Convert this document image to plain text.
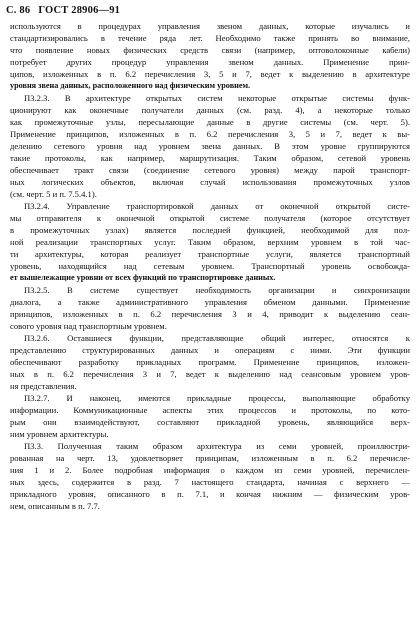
С. 86 ГОСТ 28906—91
используются в процедурах управления звеном данных, которые изучались и
стандартизировались в течение ряда лет. Необходимо также принять во внимание,
что появление новых физических средств связи (например, оптоволоконные кабели)
потребует других процедур управления звеном данных. Применение прин-
ципов, изложенных в п. 6.2 перечисления 3, 5 и 7, ведет к выделению в архитектуре
уровня звена данных, расположенного над физическим уровнем.
П3.2.3. В архитектуре открытых систем некоторые открытые системы функ-
ционируют как оконечные получатели данных (см. разд. 4), а некоторые только
как промежуточные узлы, пересылающие данные в другие системы (см. черт. 5).
Применение принципов, изложенных в п. 6.2 перечисления 3, 5 и 7, ведет к вы-
делению сетевого уровня над уровнем звена данных. В этом уровне группируются
такие протоколы, как например, маршрутизация. Таким образом, сетевой уровень
обеспечивает тракт связи (соединение сетевого уровня) между парой транспорт-
ных логических объектов, включая случай использования промежуточных узлов
(см. черт. 5 и п. 7.5.4.1).
П3.2.4. Управление транспортировкой данных от оконечной открытой систе-
мы отправителя к оконечной открытой системе получателя (которое отсутствует
в промежуточных узлах) является последней функцией, необходимой для пол-
ной реализации транспортных услуг. Таким образом, верхним уровнем в той час-
ти архитектуры, которая реализует транспортные услуги, является транспортный
уровень, находящийся над сетевым уровнем. Транспортный уровень освобожда-
ет вышележащие уровни от всех функций по транспортировке данных.
П3.2.5. В системе существует необходимость организации и синхронизации
диалога, а также административного управления обменом данными. Применение
принципов, изложенных в п. 6.2 перечисления 3 и 4, приводит к выделению сеан-
сового уровня над транспортным уровнем.
П3.2.6. Оставшиеся функции, представляющие общий интерес, относятся к
представлению структурированных данных и операциям с ними. Эти функции
обеспечивают разработку прикладных программ. Применение принципов, изложен-
ных в п. 6.2 перечисления 3 и 7, ведет к выделению над сеансовым уровнем уров-
ня представления.
П3.2.7. И наконец, имеются прикладные процессы, выполняющие обработку
информации. Коммуникационные аспекты этих процессов и протоколы, по кото-
рым они взаимодействуют, составляют прикладной уровень, являющийся верх-
ним уровнем архитектуры.
П3.3. Полученная таким образом архитектура из семи уровней, проиллюстри-
рованная на черт. 13, удовлетворяет принципам, изложенным в п. 6.2 перечисле-
ния 1 и 2. Более подробная информация о каждом из семи уровней, перечислен-
ных здесь, содержится в разд. 7 настоящего стандарта, начиная с верхнего —
прикладного уровня, описанного в п. 7.1, и кончая нижним — физическим уров-
нем, описанным в п. 7.7.
